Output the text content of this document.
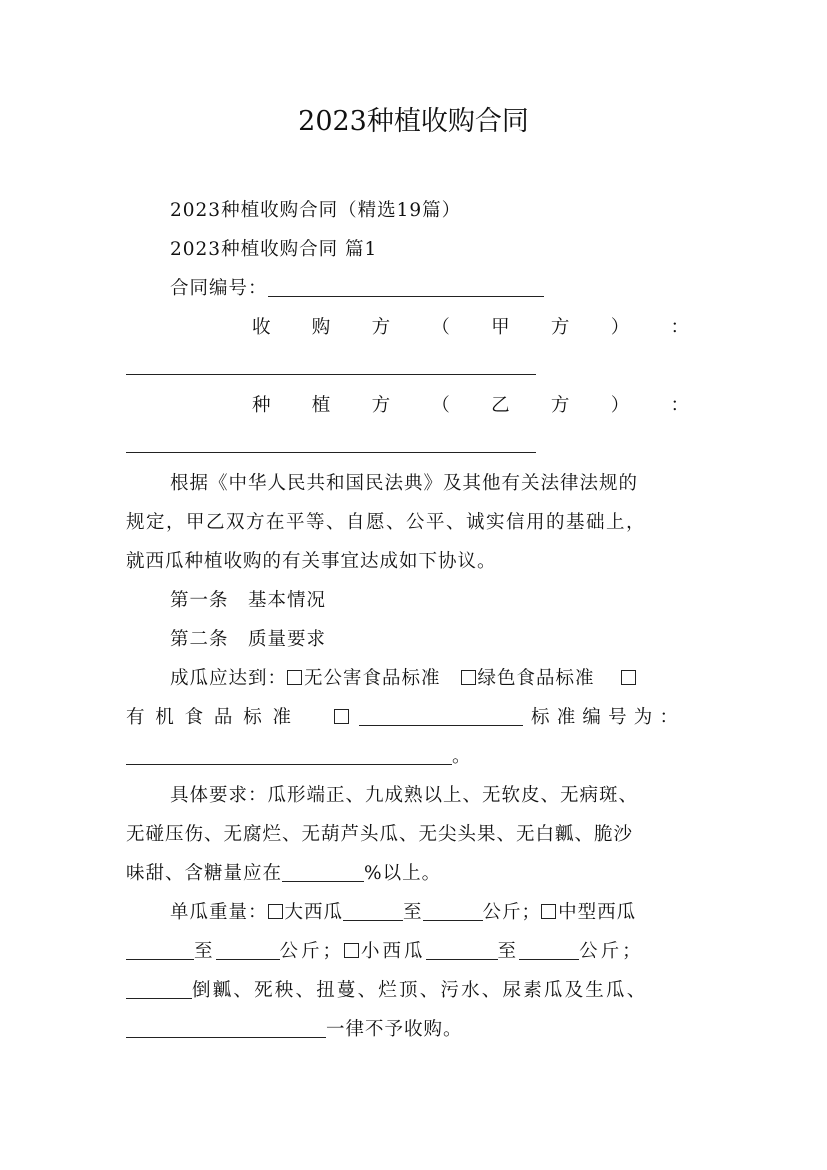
2023种植收购合同
2023种植收购合同（精选19篇）
2023种植收购合同 篇1
合同编号：
收 购 方 （ 甲 方 ） ：
种 植 方 （ 乙 方 ） ：
根据《中华人民共和国民法典》及其他有关法律法规的
规定，甲乙双方在平等、自愿、公平、诚实信用的基础上，
就西瓜种植收购的有关事宜达成如下协议。
第一条　基本情况
第二条　质量要求
成瓜应达到： 无公害食品标准 绿色食品标准
有 机 食 品 标 准	标 准 编 号 为 ：
。
具体要求：瓜形端正、九成熟以上、无软皮、无病斑、
无碰压伤、无腐烂、无葫芦头瓜、无尖头果、无白瓤、脆沙
味甜、含糖量应在	%以上。
单瓜重量： 大西瓜	至	公斤； 中型西瓜
至	公斤； 小西瓜	至	公斤；
倒瓤、死秧、扭蔓、烂顶、污水、尿素瓜及生瓜、
一律不予收购。
